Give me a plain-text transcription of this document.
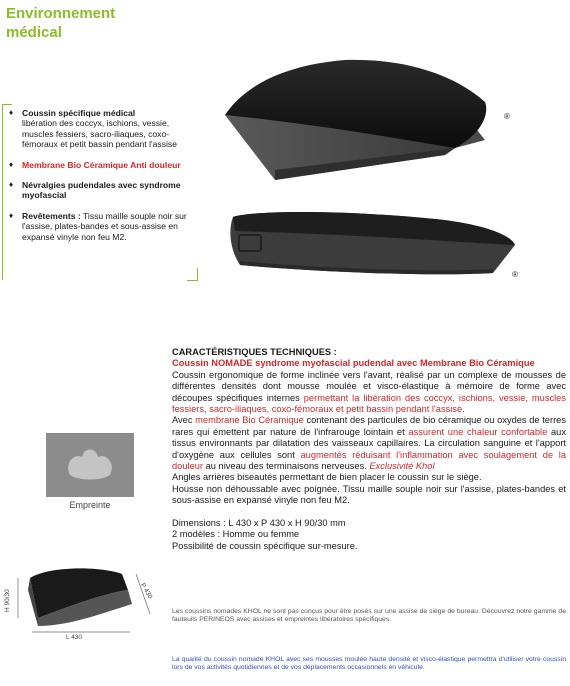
Environnement
médical
®
®
♦ Coussin spécifique médical
libération des coccyx, ischions, vessie, muscles fessiers, sacro-iliaques, coxo-fémoraux et petit bassin pendant l'assise
♦ Membrane Bio Céramique Anti douleur
♦ Névralgies pudendales avec syndrome myofascial
♦ Revêtements : Tissu maille souple noir sur l'assise, plates-bandes et sous-assise en expansé vinyle non feu M2.

CARACTÉRISTIQUES TECHNIQUES :

Coussin NOMADE syndrome myofascial pudendal avec Membrane Bio Céramique

Coussin ergonomique de forme inclinée vers l'avant, réalisé par un complexe de mousses de différentes densités dont mousse moulée et visco-élastique à mémoire de forme avec découpes spécifiques internes permettant la libération des coccyx, ischions, vessie, muscles fessiers, sacro-iliaques, coxo-fémoraux et petit bassin pendant l'assise.

Avec membrane Bio Céramique contenant des particules de bio céramique ou oxydes de terres rares qui émettent par nature de l'infrarouge lointain et assurent une chaleur confortable aux tissus environnants par dilatation des vaisseaux capillaires. La circulation sanguine et l'apport d'oxygène aux cellules sont augmentés réduisant l'inflammation avec soulagement de la douleur au niveau des terminaisons nerveuses. Exclusivité Khol

Angles arrières biseautés permettant de bien placer le coussin sur le siège.

Housse non déhoussable avec poignée. Tissu maille souple noir sur l'assise, plates-bandes et sous-assise en expansé vinyle non feu M2.

Dimensions : L 430 x P 430 x H 90/30 mm

2 modèles : Homme ou femme

Possibilité de coussin spécifique sur-mesure.

Les coussins nomades KHOL ne sont pas conçus pour être posés sur une assise de siège de bureau. Découvrez notre gamme de fauteuils PERINEOS avec assises et empreintes libératoires spécifiques.
La qualité du coussin nomade KHOL avec ses mousses moulée haute densité et visco-élastique permettra d'utiliser votre coussin lors de vos activités quotidiennes et de vos déplacements occasionnels en véhicule.
Empreinte
H 90/30
L 430
P 430
